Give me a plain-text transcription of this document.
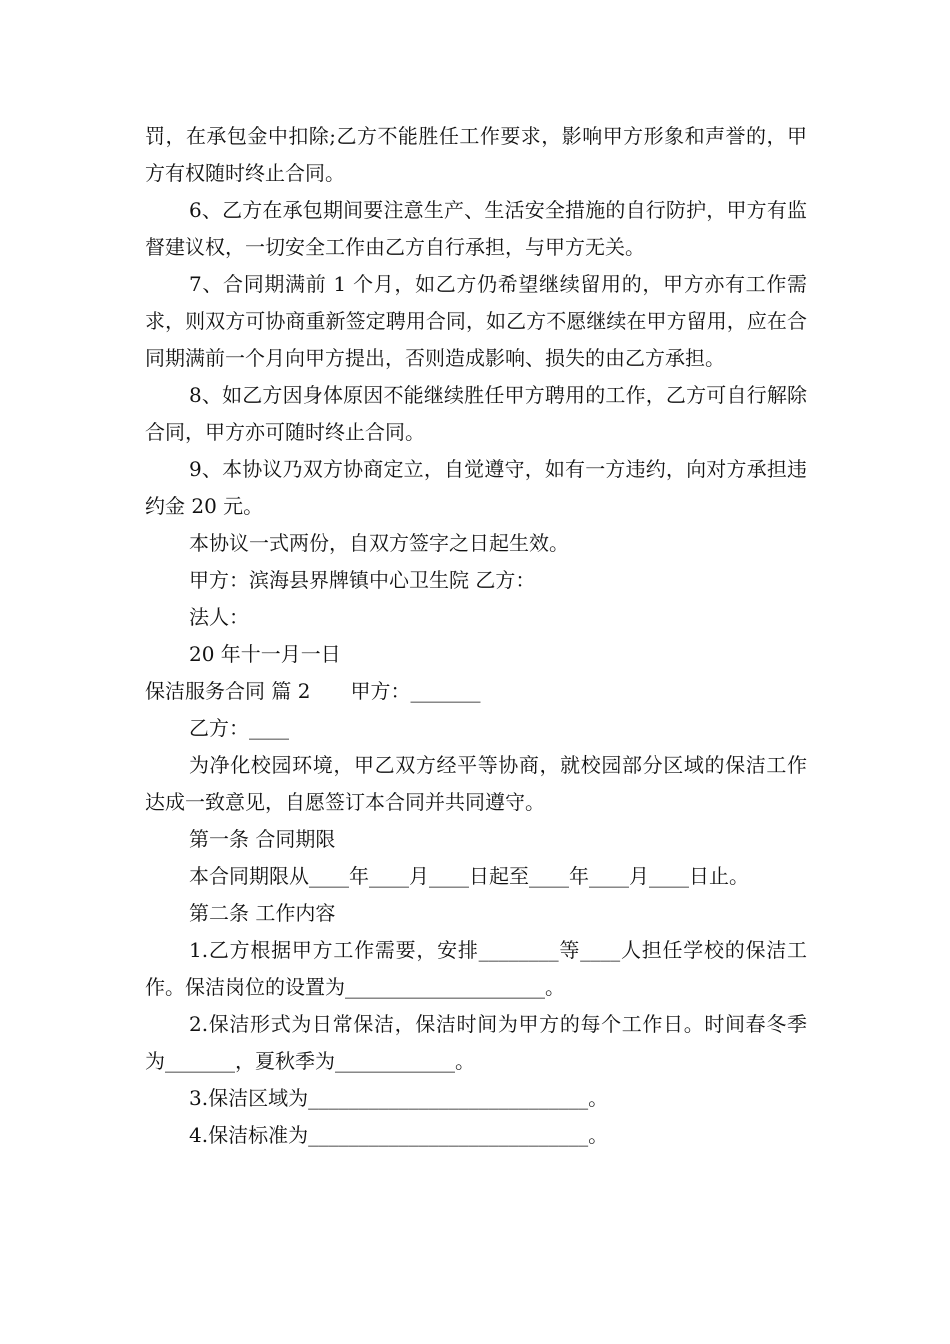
罚，在承包金中扣除;乙方不能胜任工作要求，影响甲方形象和声誉的，甲方有权随时终止合同。

6、乙方在承包期间要注意生产、生活安全措施的自行防护，甲方有监督建议权，一切安全工作由乙方自行承担，与甲方无关。

7、合同期满前 1 个月，如乙方仍希望继续留用的，甲方亦有工作需求，则双方可协商重新签定聘用合同，如乙方不愿继续在甲方留用，应在合同期满前一个月向甲方提出，否则造成影响、损失的由乙方承担。

8、如乙方因身体原因不能继续胜任甲方聘用的工作，乙方可自行解除合同，甲方亦可随时终止合同。

9、本协议乃双方协商定立，自觉遵守，如有一方违约，向对方承担违约金 20 元。

本协议一式两份，自双方签字之日起生效。

甲方：滨海县界牌镇中心卫生院 乙方：

法人：

20 年十一月一日

保洁服务合同 篇 2　　甲方：_______

乙方：____

为净化校园环境，甲乙双方经平等协商，就校园部分区域的保洁工作达成一致意见，自愿签订本合同并共同遵守。

第一条 合同期限

本合同期限从____年____月____日起至____年____月____日止。

第二条 工作内容

1.乙方根据甲方工作需要，安排________等____人担任学校的保洁工作。保洁岗位的设置为____________________。

2.保洁形式为日常保洁，保洁时间为甲方的每个工作日。时间春冬季为_______，夏秋季为____________。

3.保洁区域为____________________________。

4.保洁标准为____________________________。
